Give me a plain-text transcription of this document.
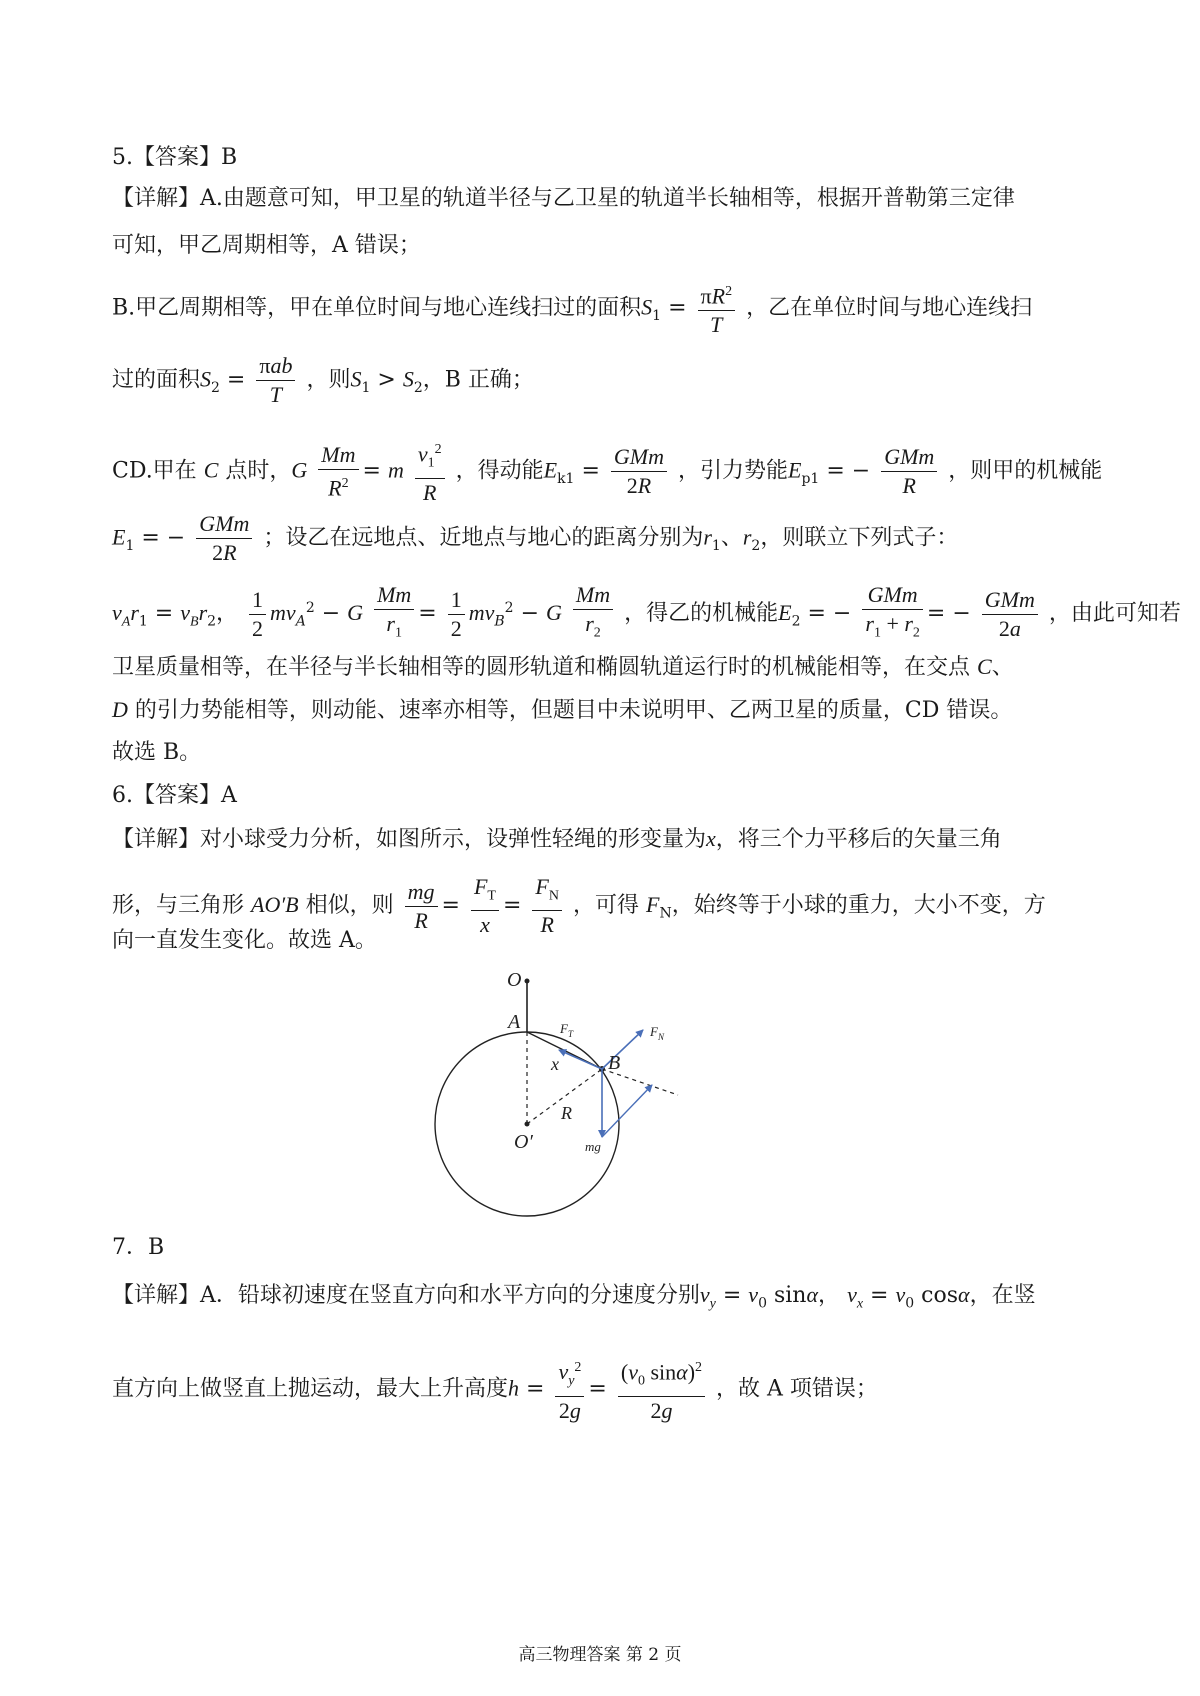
5.【答案】B
【详解】A.由题意可知，甲卫星的轨道半径与乙卫星的轨道半长轴相等，根据开普勒第三定律
可知，甲乙周期相等，A 错误；
B.甲乙周期相等，甲在单位时间与地心连线扫过的面积$S_1 = \frac{\pi R^2}{T}$ ，乙在单位时间与地心连线扫
过的面积$S_2 = \frac{\text{πab}}{T}$ ，则$S_1 > S_2$，B 正确；
CD.甲在 C 点时，G $\frac{Mm}{R^2} = m \frac{v_1^2}{R}$ ，得动能$E_{k1} = \frac{\text{GMm}}{2R}$ ，引力势能$E_{p1}$ = − $\frac{\text{GMm}}{R}$ ，则甲的机械能
$E_1$ = − $\frac{\text{GMm}}{2R}$ ；设乙在远地点、近地点与地心的距离分别为$r_1$、$r_2$，则联立下列式子：
$v_Ar_1 = v_Br_2$， $\frac{1}{2} mv_A^2 - G \frac{Mm}{r_1} = \frac{1}{2} mv_B^2 - G \frac{Mm}{r_2}$ ，得乙的机械能$E_2$ = − $\frac{\text{GMm}}{r_1 + r_2}$ = − $\frac{\text{GMm}}{2a}$ ，由此可知若
卫星质量相等，在半径与半长轴相等的圆形轨道和椭圆轨道运行时的机械能相等，在交点 C、
D 的引力势能相等，则动能、速率亦相等，但题目中未说明甲、乙两卫星的质量，CD 错误。
故选 B。
6.【答案】A
【详解】对小球受力分析，如图所示，设弹性轻绳的形变量为x，将三个力平移后的矢量三角
形，与三角形 AO′B 相似，则 $\frac{mg}{R} = \frac{F_T}{x} = \frac{F_N}{R}$ ，可得 $F_N$，始终等于小球的重力，大小不变，方
向一直发生变化。故选 A。
O
A
B
O′
x
R
$F_T$	$F_N$
mg
7．B
【详解】A．铅球初速度在竖直方向和水平方向的分速度分别$v_y = v_0$ sinα， $v_x = v_0$ cosα，在竖
直方向上做竖直上抛运动，最大上升高度$h = \frac{v_y^2}{2g} = \frac{(v_0 \sin\alpha)^2}{2g}$ ，故 A 项错误；
高三物理答案 第 2 页
